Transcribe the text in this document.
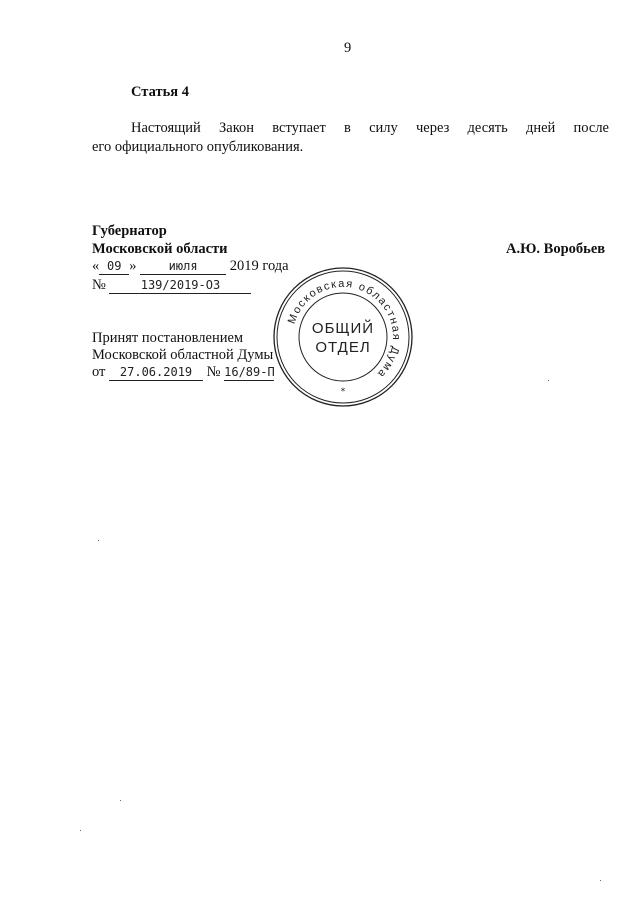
9
Статья 4
Настоящий Закон вступает в силу через десять дней после
его официального опубликования.
Губернатор
Московской области	А.Ю. Воробьев
« 09 »	июля 2019 года
№	139/2019-ОЗ
Принят постановлением
Московской областной Думы
от 27.06.2019 № 16/89-П
Московская областная Дума
ОБЩИЙ
ОТДЕЛ
*
